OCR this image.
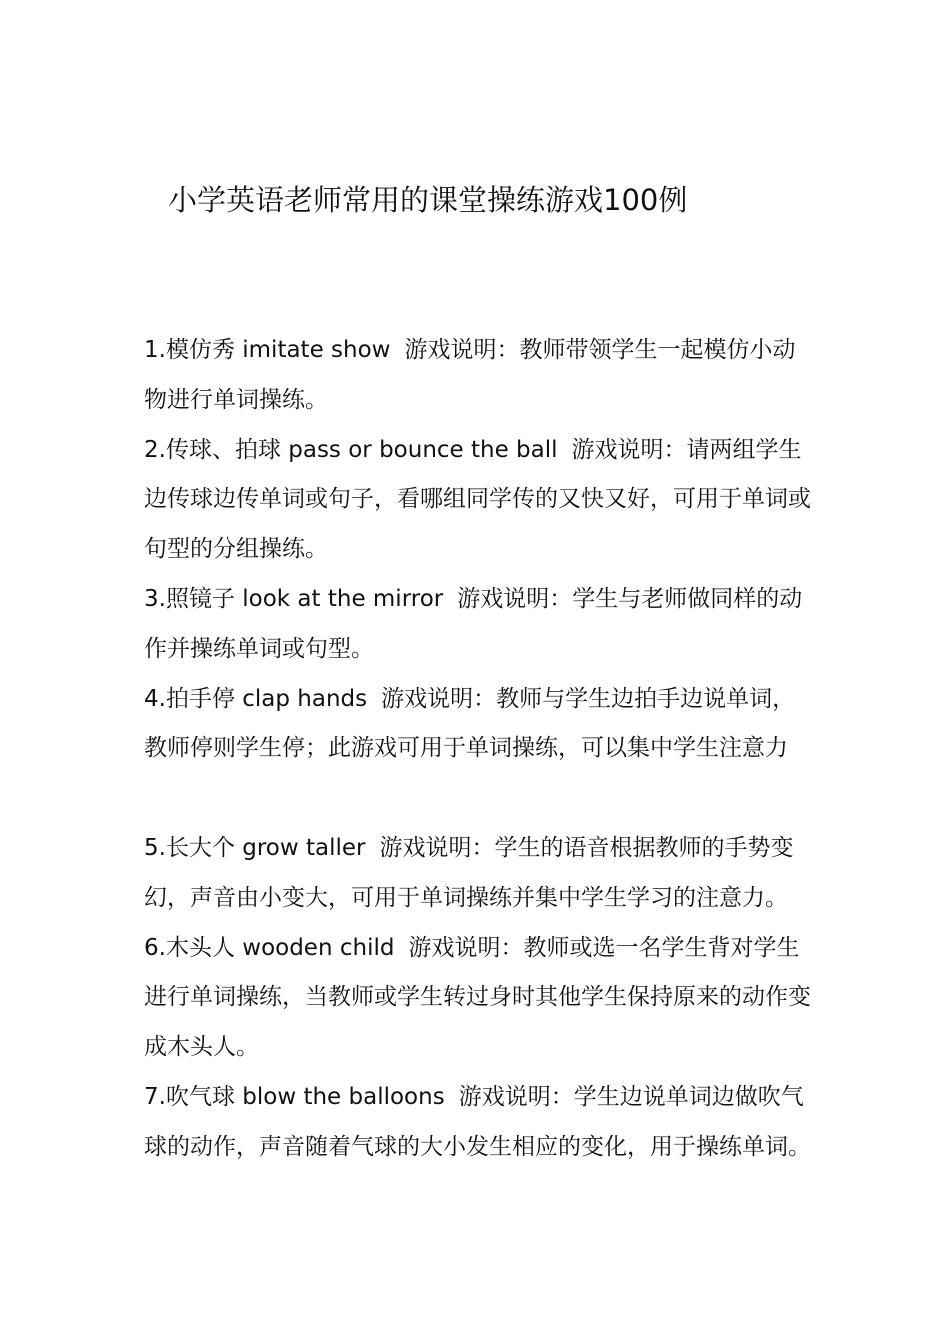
小学英语老师常用的课堂操练游戏100例

1.模仿秀 imitate show 游戏说明：教师带领学生一起模仿小动物进行单词操练。

2.传球、拍球 pass or bounce the ball 游戏说明：请两组学生边传球边传单词或句子，看哪组同学传的又快又好，可用于单词或句型的分组操练。

3.照镜子 look at the mirror 游戏说明：学生与老师做同样的动作并操练单词或句型。

4.拍手停 clap hands 游戏说明：教师与学生边拍手边说单词，教师停则学生停；此游戏可用于单词操练，可以集中学生注意力

5.长大个 grow taller 游戏说明：学生的语音根据教师的手势变幻，声音由小变大，可用于单词操练并集中学生学习的注意力。

6.木头人 wooden child 游戏说明：教师或选一名学生背对学生进行单词操练，当教师或学生转过身时其他学生保持原来的动作变成木头人。

7.吹气球 blow the balloons 游戏说明：学生边说单词边做吹气球的动作，声音随着气球的大小发生相应的变化，用于操练单词。
